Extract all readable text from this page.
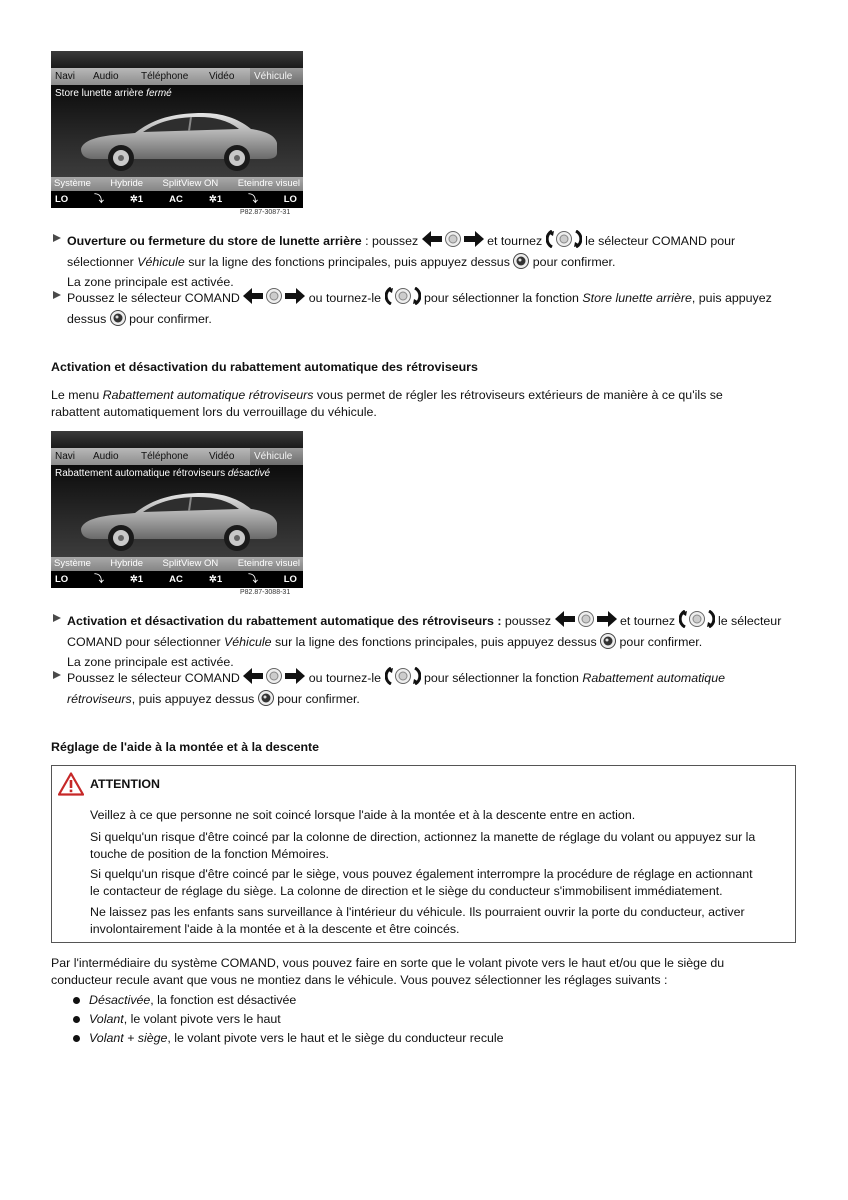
Navi	Audio	Téléphone	Vidéo	Véhicule
Store lunette arrière fermé
Système Hybride SplitView ON Eteindre visuel
LO	⤵	✲1	AC	✲1	⤵	LO
P82.87-3087-31
Ouverture ou fermeture du store de lunette arrière : poussez	et tournez	le sélecteur COMAND pour
sélectionner Véhicule sur la ligne des fonctions principales, puis appuyez dessus  pour confirmer.
La zone principale est activée.
Poussez le sélecteur COMAND	ou tournez-le	pour sélectionner la fonction Store lunette arrière, puis appuyez
dessus  pour confirmer.
Activation et désactivation du rabattement automatique des rétroviseurs
Le menu Rabattement automatique rétroviseurs vous permet de régler les rétroviseurs extérieurs de manière à ce qu'ils se
rabattent automatiquement lors du verrouillage du véhicule.
Navi	Audio	Téléphone	Vidéo	Véhicule
Rabattement automatique rétroviseurs désactivé
Système Hybride SplitView ON Eteindre visuel
LO	⤵	✲1	AC	✲1	⤵	LO
P82.87-3088-31
Activation et désactivation du rabattement automatique des rétroviseurs : poussez	et tournez	le sélecteur
COMAND pour sélectionner Véhicule sur la ligne des fonctions principales, puis appuyez dessus  pour confirmer.
La zone principale est activée.
Poussez le sélecteur COMAND	ou tournez-le	pour sélectionner la fonction Rabattement automatique
rétroviseurs, puis appuyez dessus  pour confirmer.
Réglage de l'aide à la montée et à la descente
ATTENTION
Veillez à ce que personne ne soit coincé lorsque l'aide à la montée et à la descente entre en action.
Si quelqu'un risque d'être coincé par la colonne de direction, actionnez la manette de réglage du volant ou appuyez sur la
touche de position de la fonction Mémoires.
Si quelqu'un risque d'être coincé par le siège, vous pouvez également interrompre la procédure de réglage en actionnant
le contacteur de réglage du siège. La colonne de direction et le siège du conducteur s'immobilisent immédiatement.
Ne laissez pas les enfants sans surveillance à l'intérieur du véhicule. Ils pourraient ouvrir la porte du conducteur, activer
involontairement l'aide à la montée et à la descente et être coincés.
Par l'intermédiaire du système COMAND, vous pouvez faire en sorte que le volant pivote vers le haut et/ou que le siège du
conducteur recule avant que vous ne montiez dans le véhicule. Vous pouvez sélectionner les réglages suivants :
Désactivée, la fonction est désactivée
Volant, le volant pivote vers le haut
Volant + siège, le volant pivote vers le haut et le siège du conducteur recule
